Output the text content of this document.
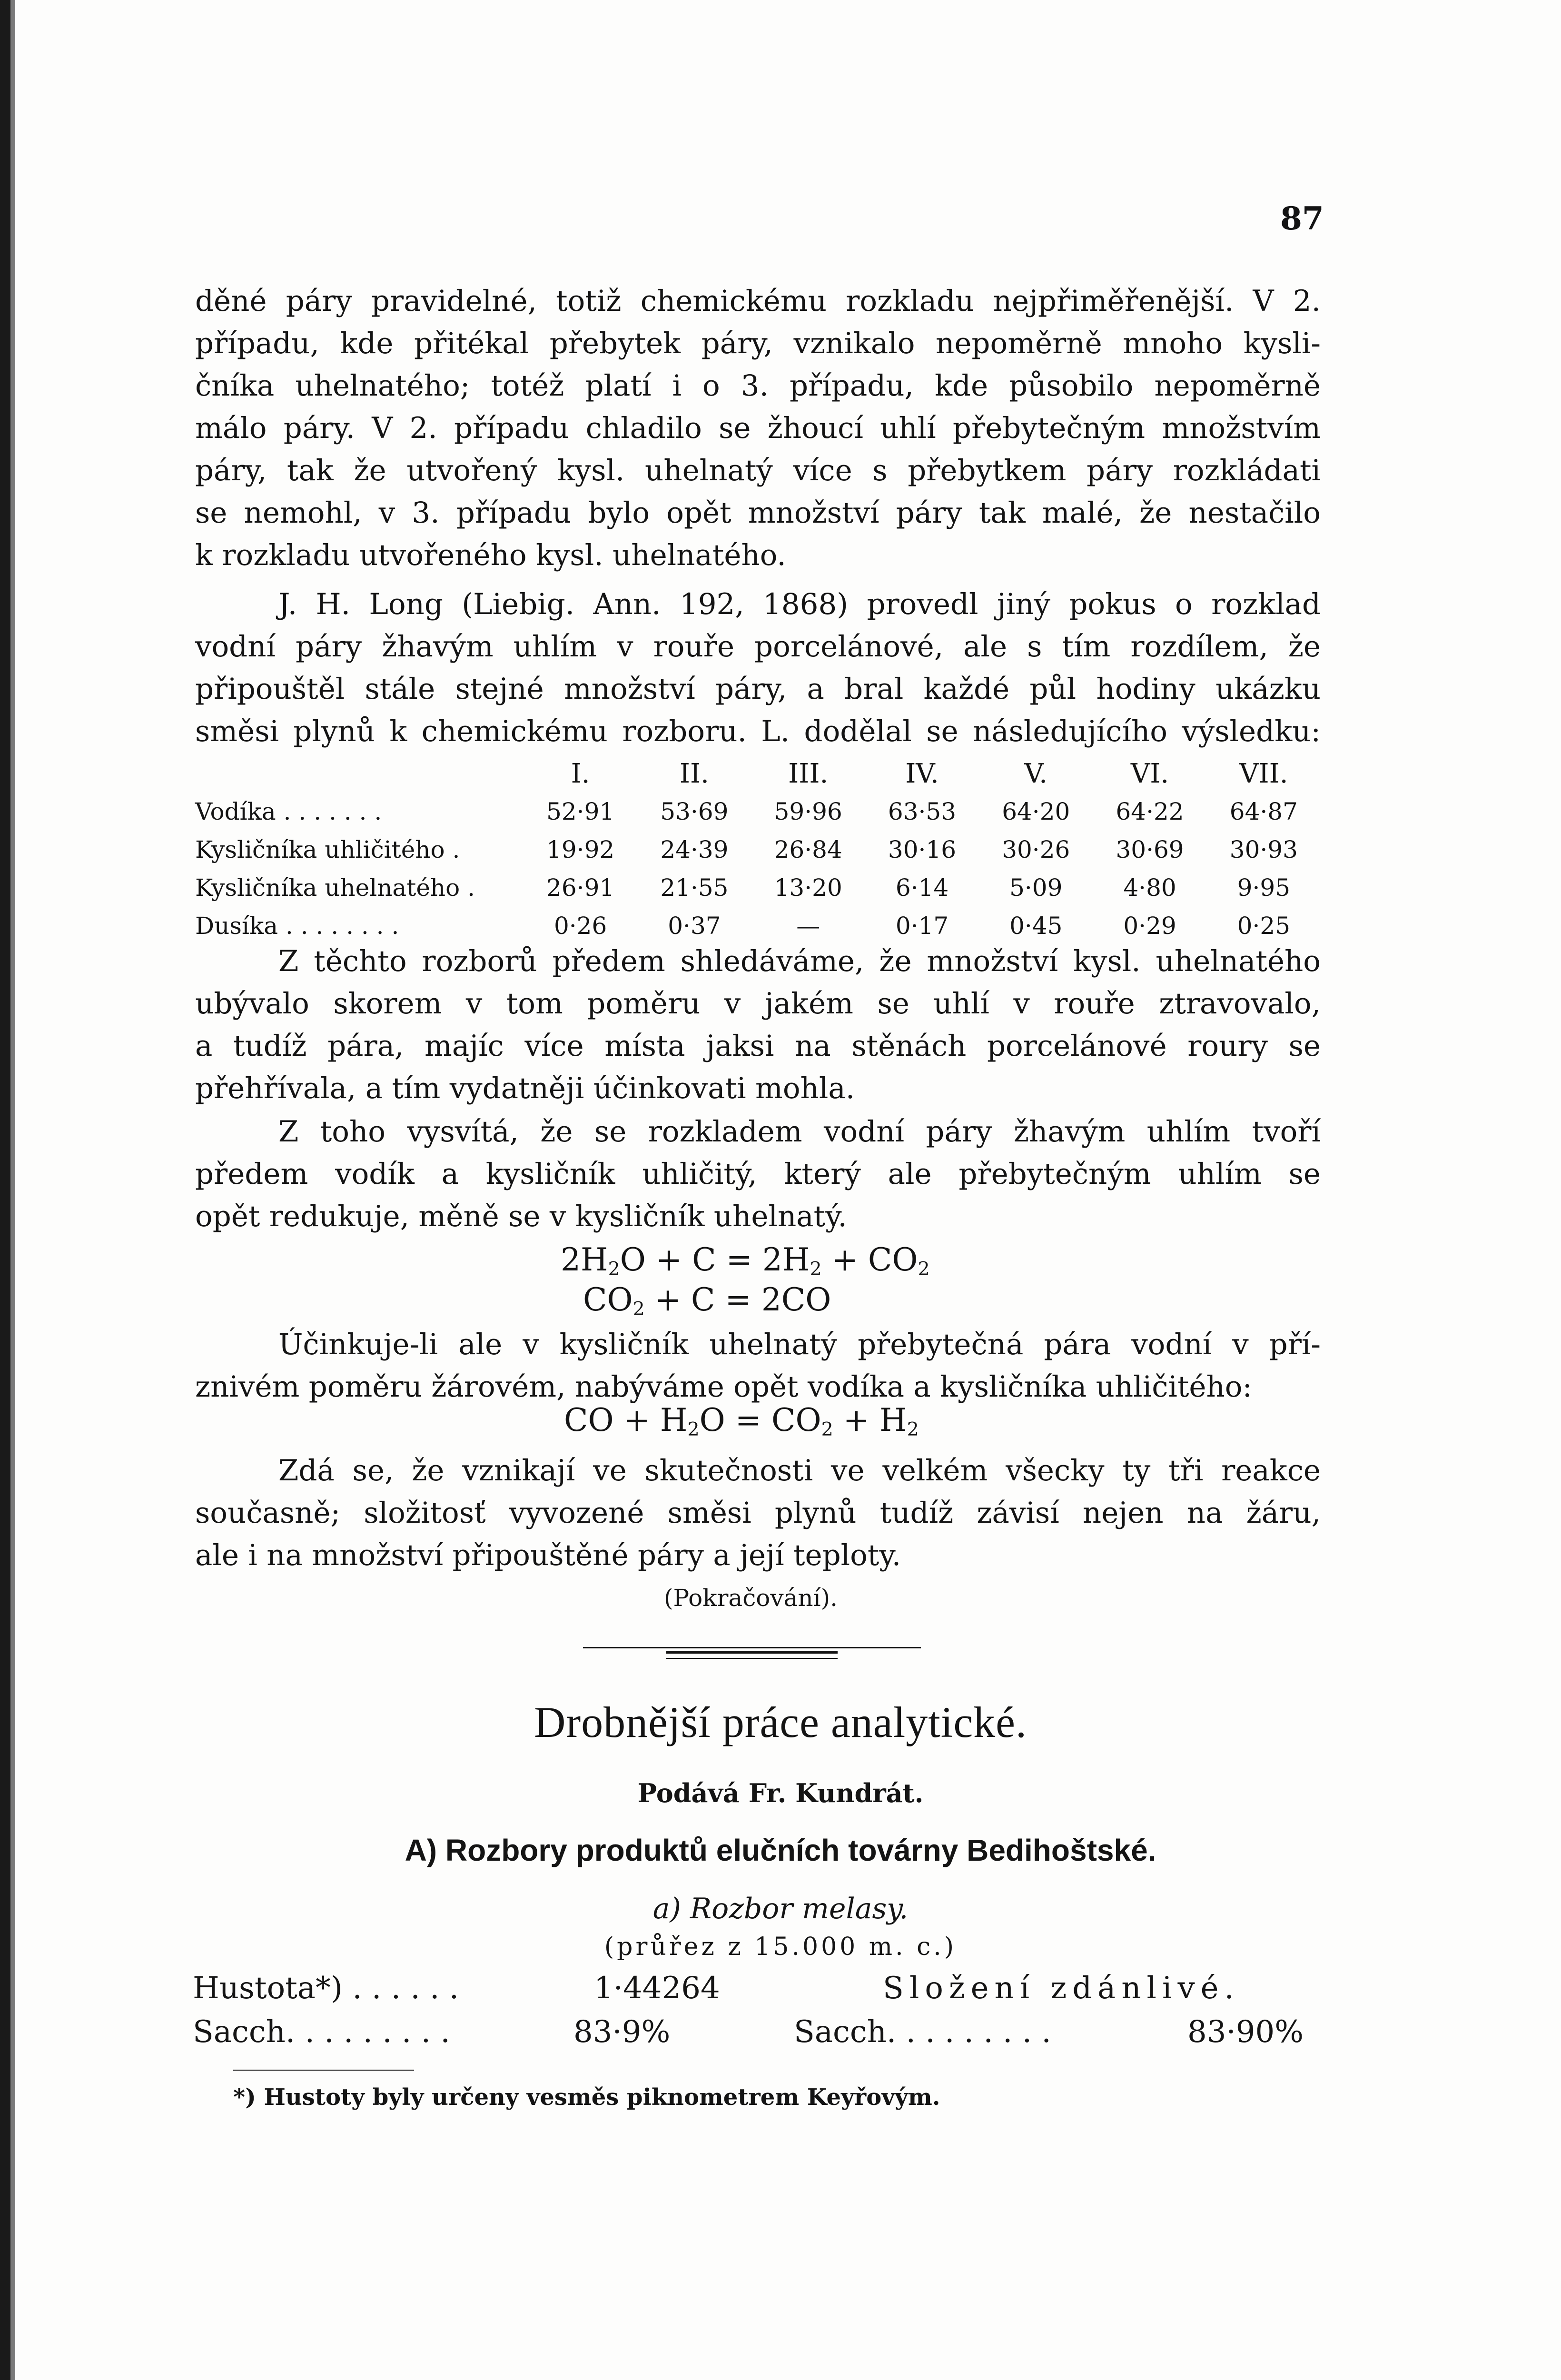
87
děné páry pravidelné, totiž chemickému rozkladu nejpřiměřenější. V 2.
případu, kde přitékal přebytek páry, vznikalo nepoměrně mnoho kysli-
čníka uhelnatého; totéž platí i o 3. případu, kde působilo nepoměrně
málo páry. V 2. případu chladilo se žhoucí uhlí přebytečným množstvím
páry, tak že utvořený kysl. uhelnatý více s přebytkem páry rozkládati
se nemohl, v 3. případu bylo opět množství páry tak malé, že nestačilo
k rozkladu utvořeného kysl. uhelnatého.
J. H. Long (Liebig. Ann. 192, 1868) provedl jiný pokus o rozklad
vodní páry žhavým uhlím v rouře porcelánové, ale s tím rozdílem, že
připouštěl stále stejné množství páry, a bral každé půl hodiny ukázku
směsi plynů k chemickému rozboru. L. dodělal se následujícího výsledku:
	I.	II.	III.	IV.	V.	VI.	VII.
Vodíka . . . . . . .	52·91	53·69	59·96	63·53	64·20	64·22	64·87
Kysličníka uhličitého .	19·92	24·39	26·84	30·16	30·26	30·69	30·93
Kysličníka uhelnatého .	26·91	21·55	13·20	6·14	5·09	4·80	9·95
Dusíka . . . . . . . .	0·26	0·37	—	0·17	0·45	0·29	0·25
Z těchto rozborů předem shledáváme, že množství kysl. uhelnatého
ubývalo skorem v tom poměru v jakém se uhlí v rouře ztravovalo,
a tudíž pára, majíc více místa jaksi na stěnách porcelánové roury se
přehřívala, a tím vydatněji účinkovati mohla.
Z toho vysvítá, že se rozkladem vodní páry žhavým uhlím tvoří
předem vodík a kysličník uhličitý, který ale přebytečným uhlím se
opět redukuje, měně se v kysličník uhelnatý.
$2H_2O + C = 2H_2 + CO_2$
$CO_2 + C = 2CO$
Účinkuje-li ale v kysličník uhelnatý přebytečná pára vodní v pří-
znivém poměru žárovém, nabýváme opět vodíka a kysličníka uhličitého:
CO + $H_2O = CO_2 + H_2$
Zdá se, že vznikají ve skutečnosti ve velkém všecky ty tři reakce
současně; složitosť vyvozené směsi plynů tudíž závisí nejen na žáru,
ale i na množství připouštěné páry a její teploty.
(Pokračování).
Drobnější práce analytické.
Podává Fr. Kundrát.
A) Rozbory produktů elučních továrny Bedihoštské.
a) Rozbor melasy.
(průřez z 15.000 m. c.)
Hustota*) . . . . . .	1·44264	Složení zdánlivé.
Sacch. . . . . . . . .	83·9%	Sacch. . . . . . . . .	83·90%
*) Hustoty byly určeny vesměs piknometrem Keyřovým.
